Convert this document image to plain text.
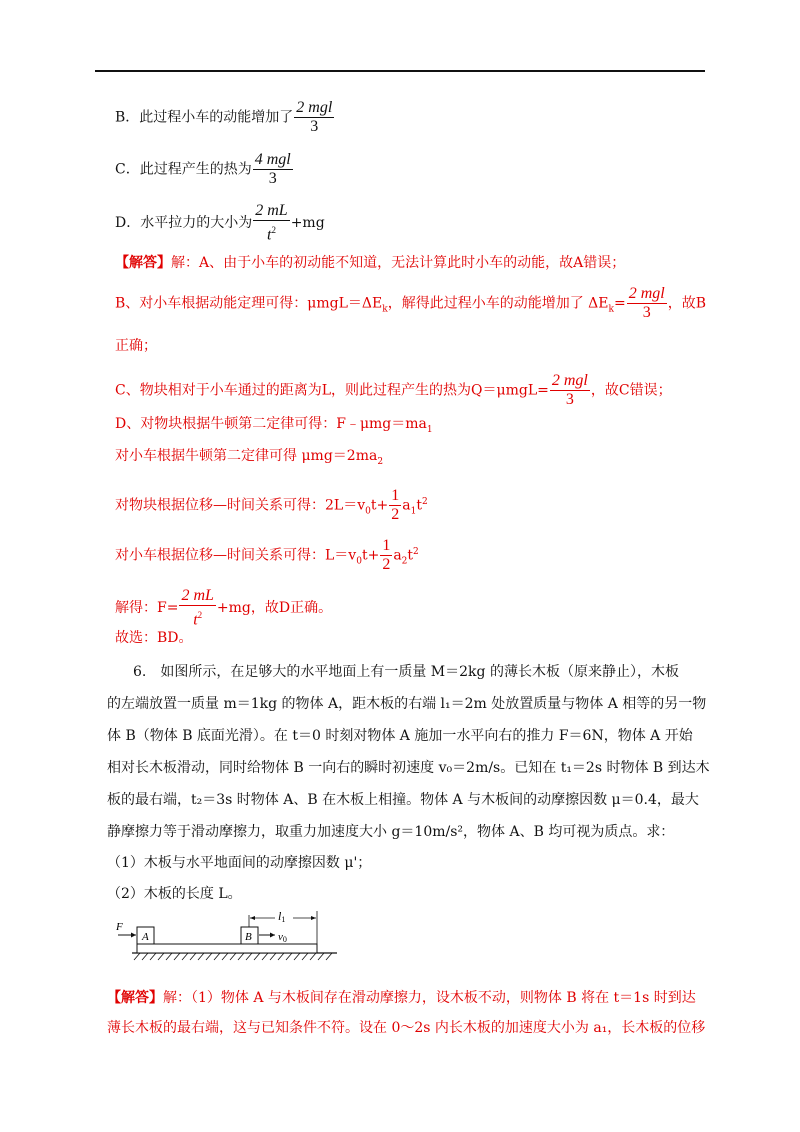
B．此过程小车的动能增加了 $\frac{\text{2 mgl}}{3}$
C．此过程产生的热为 $\frac{\text{4 mgl}}{3}$
D．水平拉力的大小为 $\frac{2 mL}{t^2} +mg$
【解答】解：A、由于小车的初动能不知道，无法计算此时小车的动能，故A错误；
B、对小车根据动能定理可得：$\mu mgL=\Delta E_k$，解得此过程小车的动能增加了 $\Delta E_k= \frac{\text{2 mgl}}{3}$ ，故B
正确；
C、物块相对于小车通过的距离为L，则此过程产生的热为$Q=\mu mgL= \frac{\text{2 mgl}}{3}$ ，故C错误；
D、对物块根据牛顿第二定律可得：$F﹣\mu mg=ma_1$
对小车根据牛顿第二定律可得 $\mu mg=2ma_2$
对物块根据位移—时间关系可得：$2L=v_0t+ \frac{1}{2} a_1t^2$
对小车根据位移—时间关系可得：$L=v_0t+ \frac{1}{2} a_2t^2$
解得：$F= \frac{2 mL}{t^2} +mg$，故D正确。
故选：BD。
6.　如图所示，在足够大的水平地面上有一质量 M＝2kg 的薄长木板（原来静止），木板
的左端放置一质量 m＝1kg 的物体 A，距木板的右端 l₁＝2m 处放置质量与物体 A 相等的另一物
体 B（物体 B 底面光滑）。在 t＝0 时刻对物体 A 施加一水平向右的推力 F＝6N，物体 A 开始
相对长木板滑动，同时给物体 B 一向右的瞬时初速度 v₀＝2m/s。已知在 t₁＝2s 时物体 B 到达木
板的最右端，t₂＝3s 时物体 A、B 在木板上相撞。物体 A 与木板间的动摩擦因数 μ＝0.4，最大
静摩擦力等于滑动摩擦力，取重力加速度大小 g＝10m/s²，物体 A、B 均可视为质点。求：
（1）木板与水平地面间的动摩擦因数 μ'；
（2）木板的长度 L。
A
F
B v0
l1
【解答】解：（1）物体 A 与木板间存在滑动摩擦力，设木板不动，则物体 B 将在 t＝1s 时到达
薄长木板的最右端，这与已知条件不符。设在 0～2s 内长木板的加速度大小为 a₁，长木板的位移
